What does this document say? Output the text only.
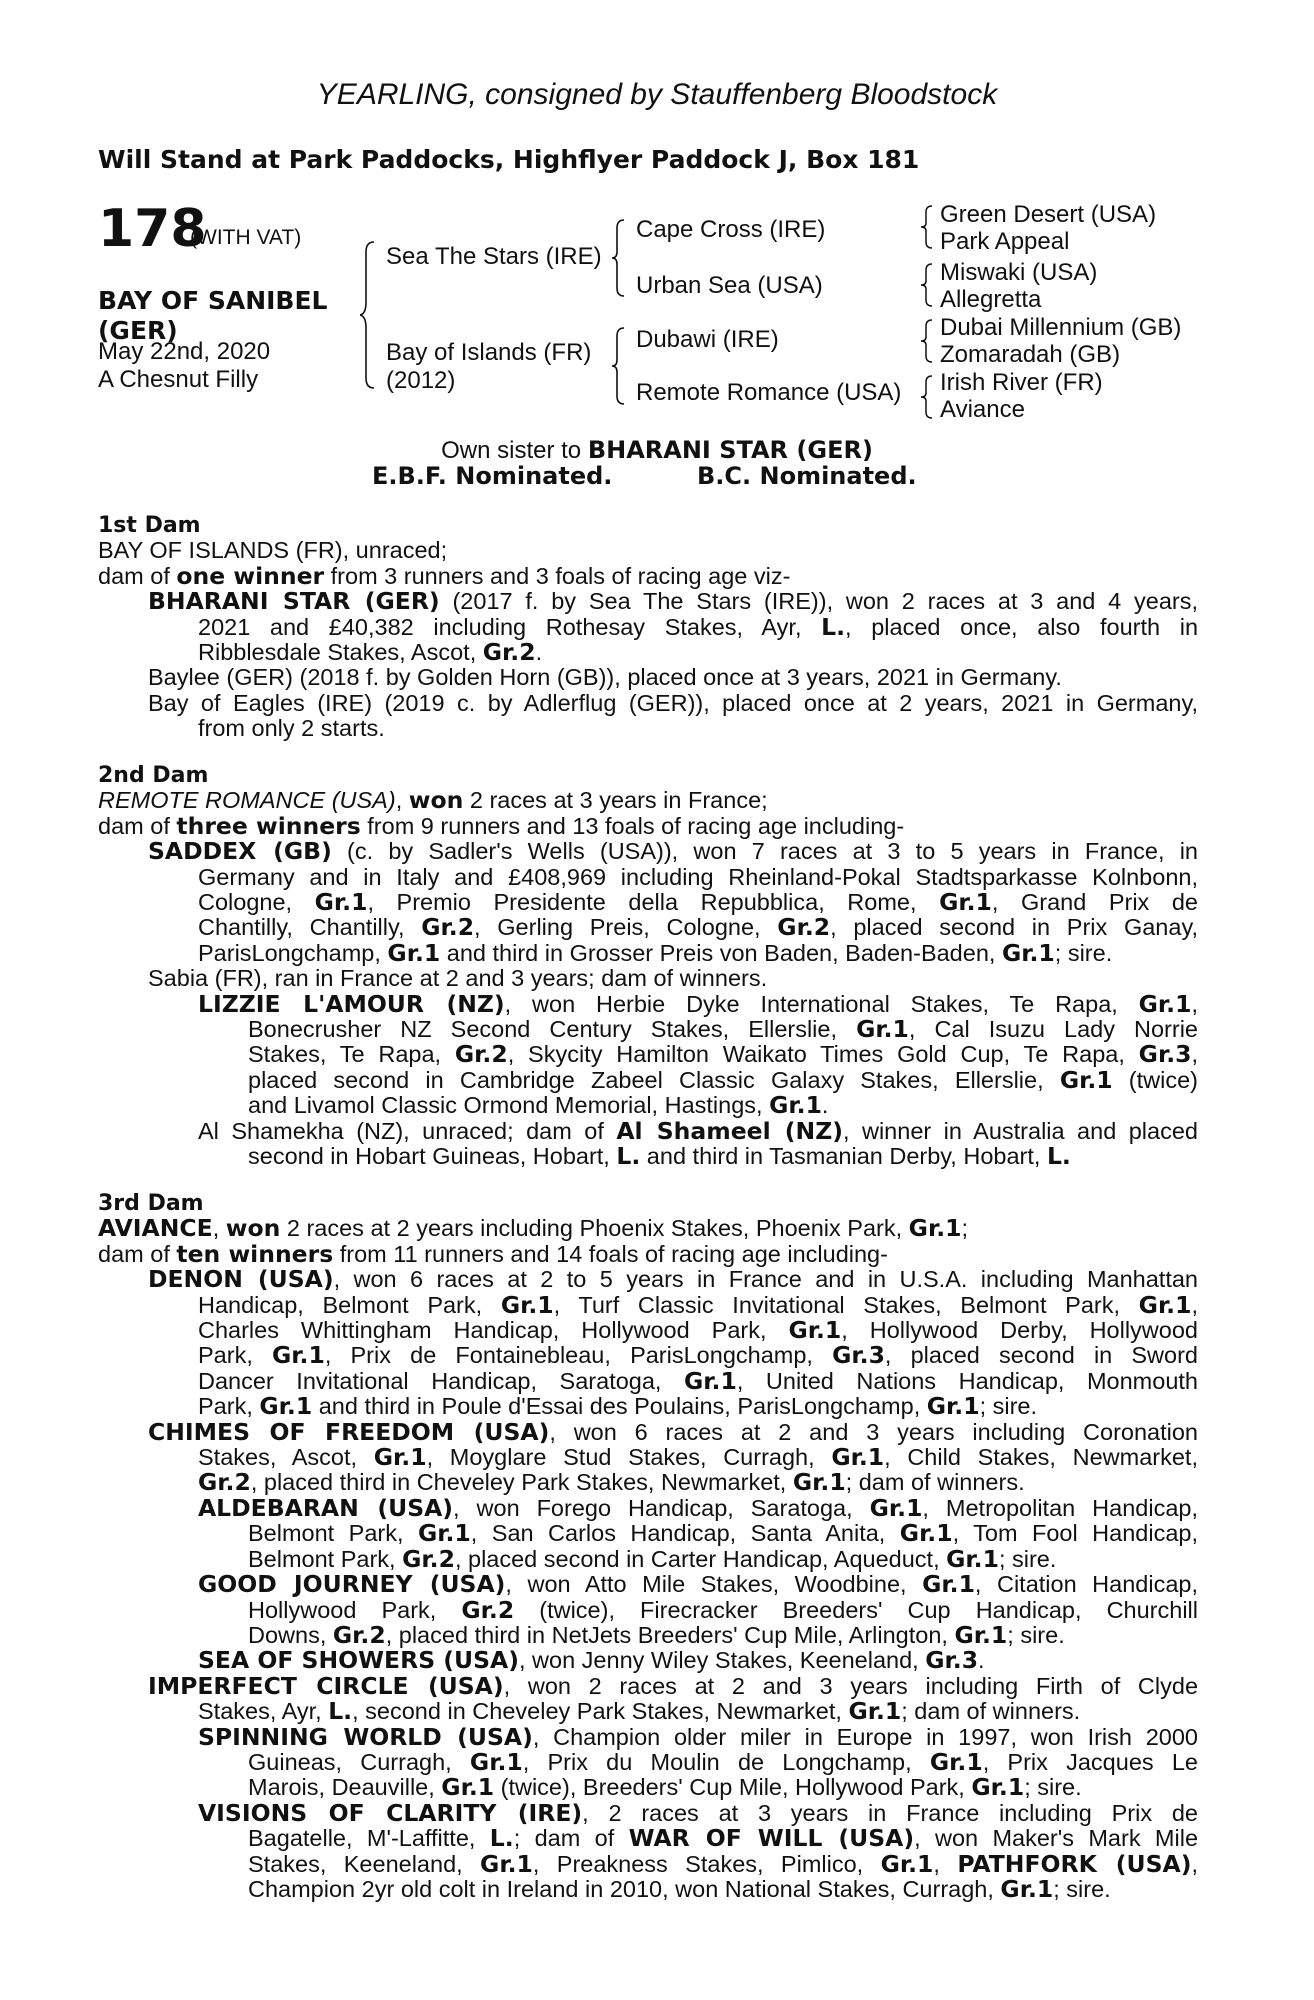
YEARLING, consigned by Stauffenberg Bloodstock
Will Stand at Park Paddocks, Highflyer Paddock J, Box 181
178
(WITH VAT)
BAY OF SANIBEL
(GER)
May 22nd, 2020
A Chesnut Filly
Sea The Stars (IRE)
Bay of Islands (FR)
(2012)
Cape Cross (IRE)
Urban Sea (USA)
Dubawi (IRE)
Remote Romance (USA)
Green Desert (USA)
Park Appeal
Miswaki (USA)
Allegretta
Dubai Millennium (GB)
Zomaradah (GB)
Irish River (FR)
Aviance
Own sister to BHARANI STAR (GER)
E.B.F. Nominated.	B.C. Nominated.
1st Dam
BAY OF ISLANDS (FR), unraced;
dam of one winner from 3 runners and 3 foals of racing age viz-
BHARANI STAR (GER) (2017 f. by Sea The Stars (IRE)), won 2 races at 3 and 4 years,
2021 and £40,382 including Rothesay Stakes, Ayr, L., placed once, also fourth in
Ribblesdale Stakes, Ascot, Gr.2.
Baylee (GER) (2018 f. by Golden Horn (GB)), placed once at 3 years, 2021 in Germany.
Bay of Eagles (IRE) (2019 c. by Adlerflug (GER)), placed once at 2 years, 2021 in Germany,
from only 2 starts.
2nd Dam
REMOTE ROMANCE (USA), won 2 races at 3 years in France;
dam of three winners from 9 runners and 13 foals of racing age including-
SADDEX (GB) (c. by Sadler's Wells (USA)), won 7 races at 3 to 5 years in France, in
Germany and in Italy and £408,969 including Rheinland-Pokal Stadtsparkasse Kolnbonn,
Cologne, Gr.1, Premio Presidente della Repubblica, Rome, Gr.1, Grand Prix de
Chantilly, Chantilly, Gr.2, Gerling Preis, Cologne, Gr.2, placed second in Prix Ganay,
ParisLongchamp, Gr.1 and third in Grosser Preis von Baden, Baden-Baden, Gr.1; sire.
Sabia (FR), ran in France at 2 and 3 years; dam of winners.
LIZZIE L'AMOUR (NZ), won Herbie Dyke International Stakes, Te Rapa, Gr.1,
Bonecrusher NZ Second Century Stakes, Ellerslie, Gr.1, Cal Isuzu Lady Norrie
Stakes, Te Rapa, Gr.2, Skycity Hamilton Waikato Times Gold Cup, Te Rapa, Gr.3,
placed second in Cambridge Zabeel Classic Galaxy Stakes, Ellerslie, Gr.1 (twice)
and Livamol Classic Ormond Memorial, Hastings, Gr.1.
Al Shamekha (NZ), unraced; dam of Al Shameel (NZ), winner in Australia and placed
second in Hobart Guineas, Hobart, L. and third in Tasmanian Derby, Hobart, L.
3rd Dam
AVIANCE, won 2 races at 2 years including Phoenix Stakes, Phoenix Park, Gr.1;
dam of ten winners from 11 runners and 14 foals of racing age including-
DENON (USA), won 6 races at 2 to 5 years in France and in U.S.A. including Manhattan
Handicap, Belmont Park, Gr.1, Turf Classic Invitational Stakes, Belmont Park, Gr.1,
Charles Whittingham Handicap, Hollywood Park, Gr.1, Hollywood Derby, Hollywood
Park, Gr.1, Prix de Fontainebleau, ParisLongchamp, Gr.3, placed second in Sword
Dancer Invitational Handicap, Saratoga, Gr.1, United Nations Handicap, Monmouth
Park, Gr.1 and third in Poule d'Essai des Poulains, ParisLongchamp, Gr.1; sire.
CHIMES OF FREEDOM (USA), won 6 races at 2 and 3 years including Coronation
Stakes, Ascot, Gr.1, Moyglare Stud Stakes, Curragh, Gr.1, Child Stakes, Newmarket,
Gr.2, placed third in Cheveley Park Stakes, Newmarket, Gr.1; dam of winners.
ALDEBARAN (USA), won Forego Handicap, Saratoga, Gr.1, Metropolitan Handicap,
Belmont Park, Gr.1, San Carlos Handicap, Santa Anita, Gr.1, Tom Fool Handicap,
Belmont Park, Gr.2, placed second in Carter Handicap, Aqueduct, Gr.1; sire.
GOOD JOURNEY (USA), won Atto Mile Stakes, Woodbine, Gr.1, Citation Handicap,
Hollywood Park, Gr.2 (twice), Firecracker Breeders' Cup Handicap, Churchill
Downs, Gr.2, placed third in NetJets Breeders' Cup Mile, Arlington, Gr.1; sire.
SEA OF SHOWERS (USA), won Jenny Wiley Stakes, Keeneland, Gr.3.
IMPERFECT CIRCLE (USA), won 2 races at 2 and 3 years including Firth of Clyde
Stakes, Ayr, L., second in Cheveley Park Stakes, Newmarket, Gr.1; dam of winners.
SPINNING WORLD (USA), Champion older miler in Europe in 1997, won Irish 2000
Guineas, Curragh, Gr.1, Prix du Moulin de Longchamp, Gr.1, Prix Jacques Le
Marois, Deauville, Gr.1 (twice), Breeders' Cup Mile, Hollywood Park, Gr.1; sire.
VISIONS OF CLARITY (IRE), 2 races at 3 years in France including Prix de
Bagatelle, M'-Laffitte, L.; dam of WAR OF WILL (USA), won Maker's Mark Mile
Stakes, Keeneland, Gr.1, Preakness Stakes, Pimlico, Gr.1, PATHFORK (USA),
Champion 2yr old colt in Ireland in 2010, won National Stakes, Curragh, Gr.1; sire.
